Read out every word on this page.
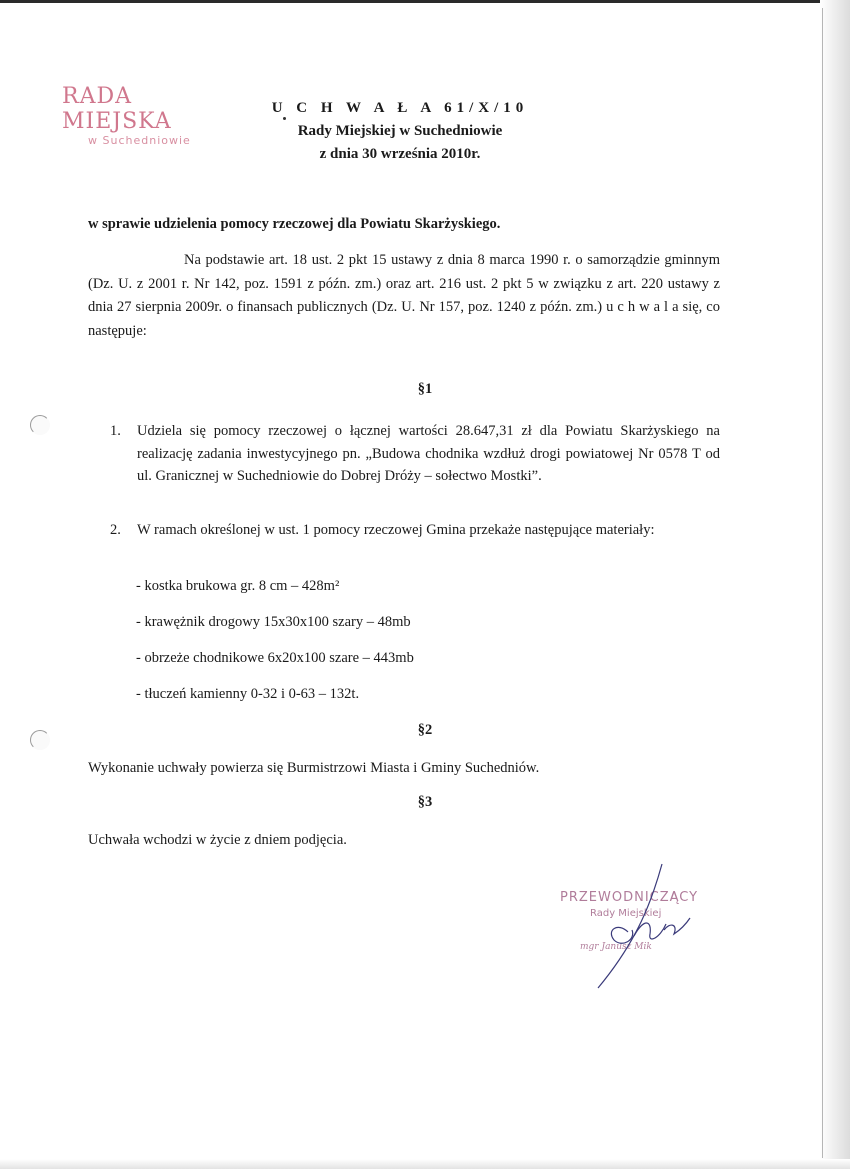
RADA MIEJSKA
w Suchedniowie
U C H W A Ł A 61/X/10
Rady Miejskiej w Suchedniowie
z dnia 30 września 2010r.
w sprawie udzielenia pomocy rzeczowej dla Powiatu Skarżyskiego.
Na podstawie art. 18 ust. 2 pkt 15 ustawy z dnia 8 marca 1990 r. o samorządzie gminnym (Dz. U. z 2001 r. Nr 142, poz. 1591 z późn. zm.) oraz art. 216 ust. 2 pkt 5 w związku z art. 220 ustawy z dnia 27 sierpnia 2009r. o finansach publicznych (Dz. U. Nr 157, poz. 1240 z późn. zm.) u c h w a l a się, co następuje:
§1
1. Udziela się pomocy rzeczowej o łącznej wartości 28.647,31 zł dla Powiatu Skarżyskiego na realizację zadania inwestycyjnego pn. „Budowa chodnika wzdłuż drogi powiatowej Nr 0578 T od ul. Granicznej w Suchedniowie do Dobrej Dróży – sołectwo Mostki”.
2. W ramach określonej w ust. 1 pomocy rzeczowej Gmina przekaże następujące materiały:
- kostka brukowa gr. 8 cm – 428m²
- krawężnik drogowy 15x30x100 szary – 48mb
- obrzeże chodnikowe 6x20x100 szare – 443mb
- tłuczeń kamienny 0-32 i 0-63 – 132t.
§2
Wykonanie uchwały powierza się Burmistrzowi Miasta i Gminy Suchedniów.
§3
Uchwała wchodzi w życie z dniem podjęcia.
PRZEWODNICZĄCY
Rady Miejskiej
mgr Janusz Mik
